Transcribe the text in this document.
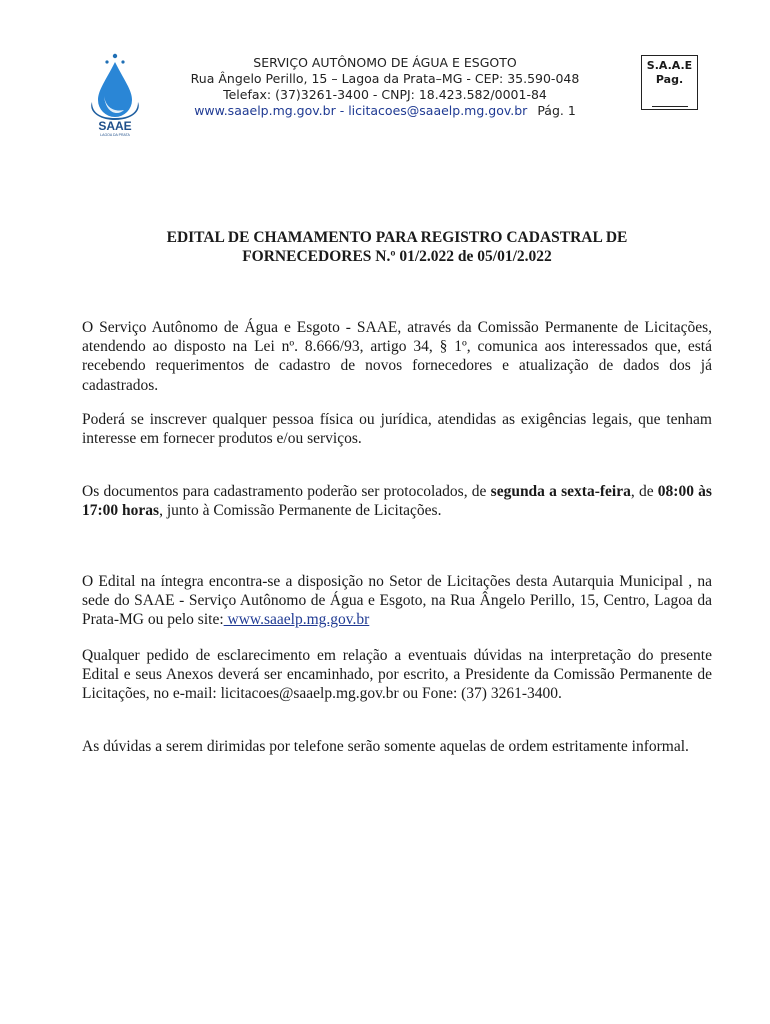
SAAE
LAGOA DA PRATA
SERVIÇO AUTÔNOMO DE ÁGUA E ESGOTO
Rua Ângelo Perillo, 15 – Lagoa da Prata–MG - CEP: 35.590-048
Telefax: (37)3261-3400 - CNPJ: 18.423.582/0001-84
www.saaelp.mg.gov.br - licitacoes@saaelp.mg.gov.br Pág. 1
S.A.A.E
Pag.
EDITAL DE CHAMAMENTO PARA REGISTRO CADASTRAL DE
FORNECEDORES N.º 01/2.022 de 05/01/2.022
O Serviço Autônomo de Água e Esgoto - SAAE, através da Comissão Permanente de Licitações, atendendo ao disposto na Lei nº. 8.666/93, artigo 34, § 1º, comunica aos interessados que, está recebendo requerimentos de cadastro de novos fornecedores e atualização de dados dos já cadastrados.
Poderá se inscrever qualquer pessoa física ou jurídica, atendidas as exigências legais, que tenham interesse em fornecer produtos e/ou serviços.
Os documentos para cadastramento poderão ser protocolados, de segunda a sexta-feira, de 08:00 às 17:00 horas, junto à Comissão Permanente de Licitações.
O Edital na íntegra encontra-se a disposição no Setor de Licitações desta Autarquia Municipal , na sede do SAAE - Serviço Autônomo de Água e Esgoto, na Rua Ângelo Perillo, 15, Centro, Lagoa da Prata-MG ou pelo site: www.saaelp.mg.gov.br
Qualquer pedido de esclarecimento em relação a eventuais dúvidas na interpretação do presente Edital e seus Anexos deverá ser encaminhado, por escrito, a Presidente da Comissão Permanente de Licitações, no e-mail: licitacoes@saaelp.mg.gov.br ou Fone: (37) 3261-3400.
As dúvidas a serem dirimidas por telefone serão somente aquelas de ordem estritamente informal.
